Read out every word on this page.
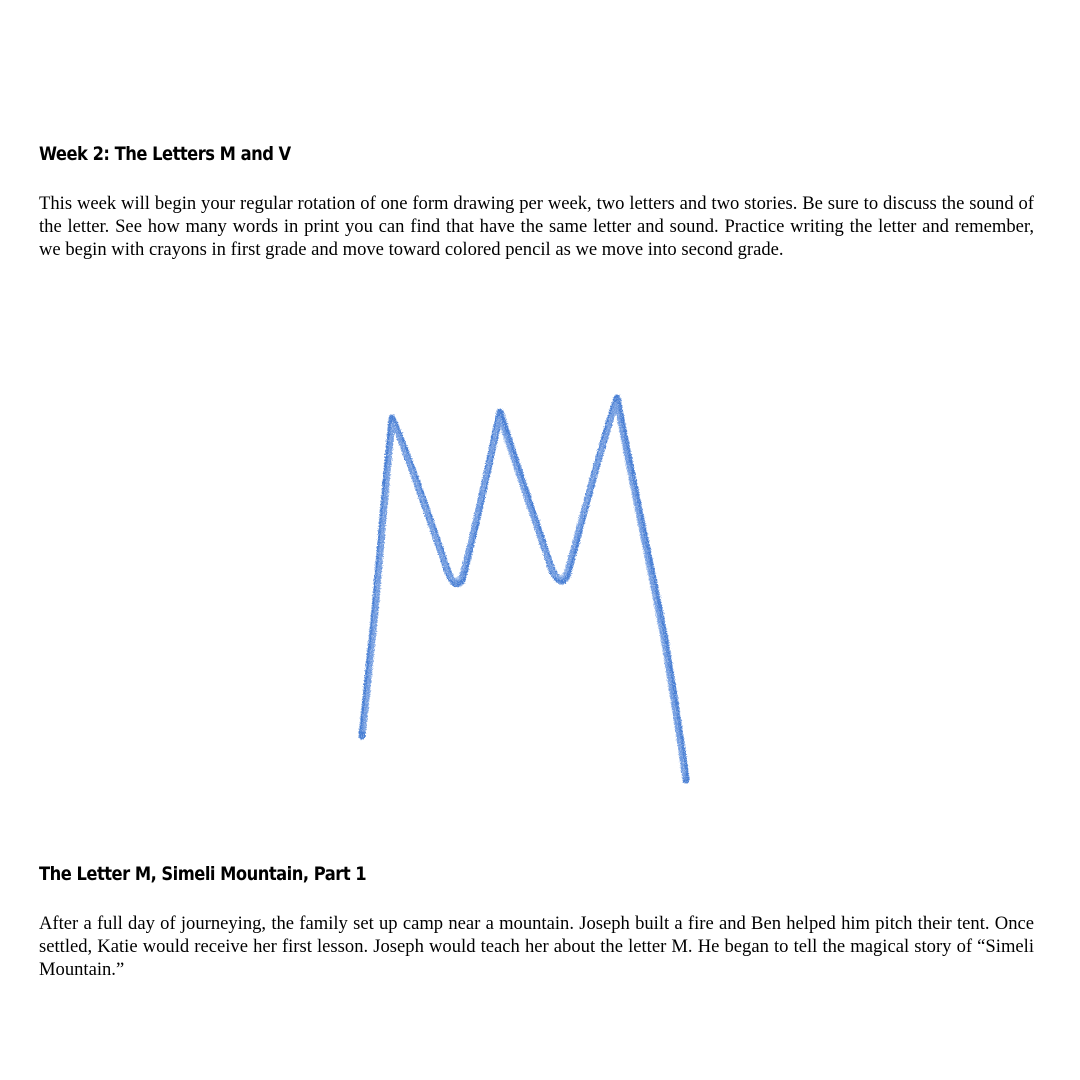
Week 2: The Letters M and V

This week will begin your regular rotation of one form drawing per week, two letters and two stories. Be sure to discuss the sound of the letter. See how many words in print you can find that have the same letter and sound. Practice writing the letter and remember, we begin with crayons in first grade and move toward colored pencil as we move into second grade.

The Letter M, Simeli Mountain, Part 1

After a full day of journeying, the family set up camp near a mountain. Joseph built a fire and Ben helped him pitch their tent. Once settled, Katie would receive her first lesson. Joseph would teach her about the letter M. He began to tell the magical story of “Simeli Mountain.”
